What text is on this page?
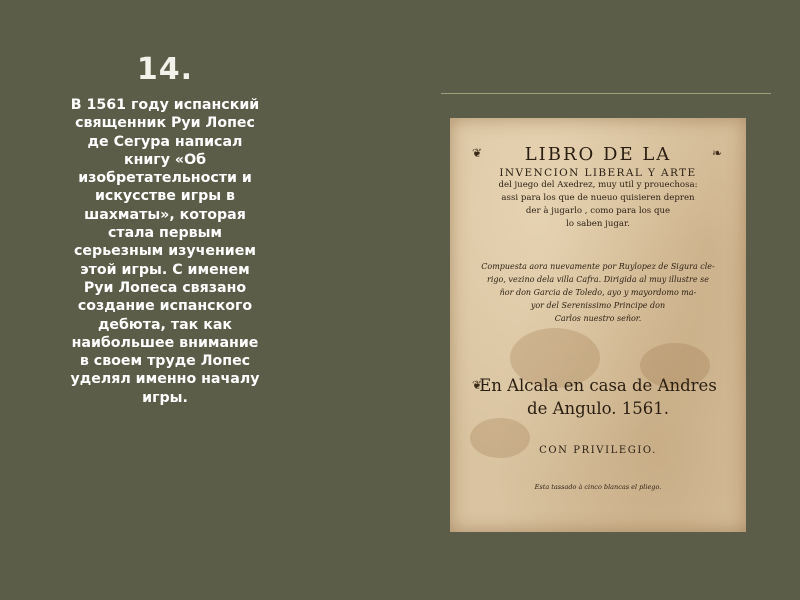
14.
В 1561 году испанский
священник Руи Лопес
де Сегура написал
книгу «Об
изобретательности и
искусстве игры в
шахматы», которая
стала первым
серьезным изучением
этой игры. С именем
Руи Лопеса связано
создание испанского
дебюта, так как
наибольшее внимание
в своем труде Лопес
уделял именно началу
игры.
❦	❧
❦
LIBRO DE LA
INVENCION LIBERAL Y ARTE
del juego del Axedrez, muy util y prouechosa:
assi para los que de nueuo quisieren depren
der à jugarlo , como para los que
lo saben jugar.
Compuesta aora nuevamente por Ruylopez de Sigura cle-
rigo, vezino dela villa Cafra. Dirigida al muy illustre se
ñor don Garcia de Toledo, ayo y mayordomo ma-
yor del Serenissimo Principe don
Carlos nuestro señor.
En Alcala en casa de Andres
de Angulo. 1561.
CON PRIVILEGIO.
Esta tassado à cinco blancas el pliego.
